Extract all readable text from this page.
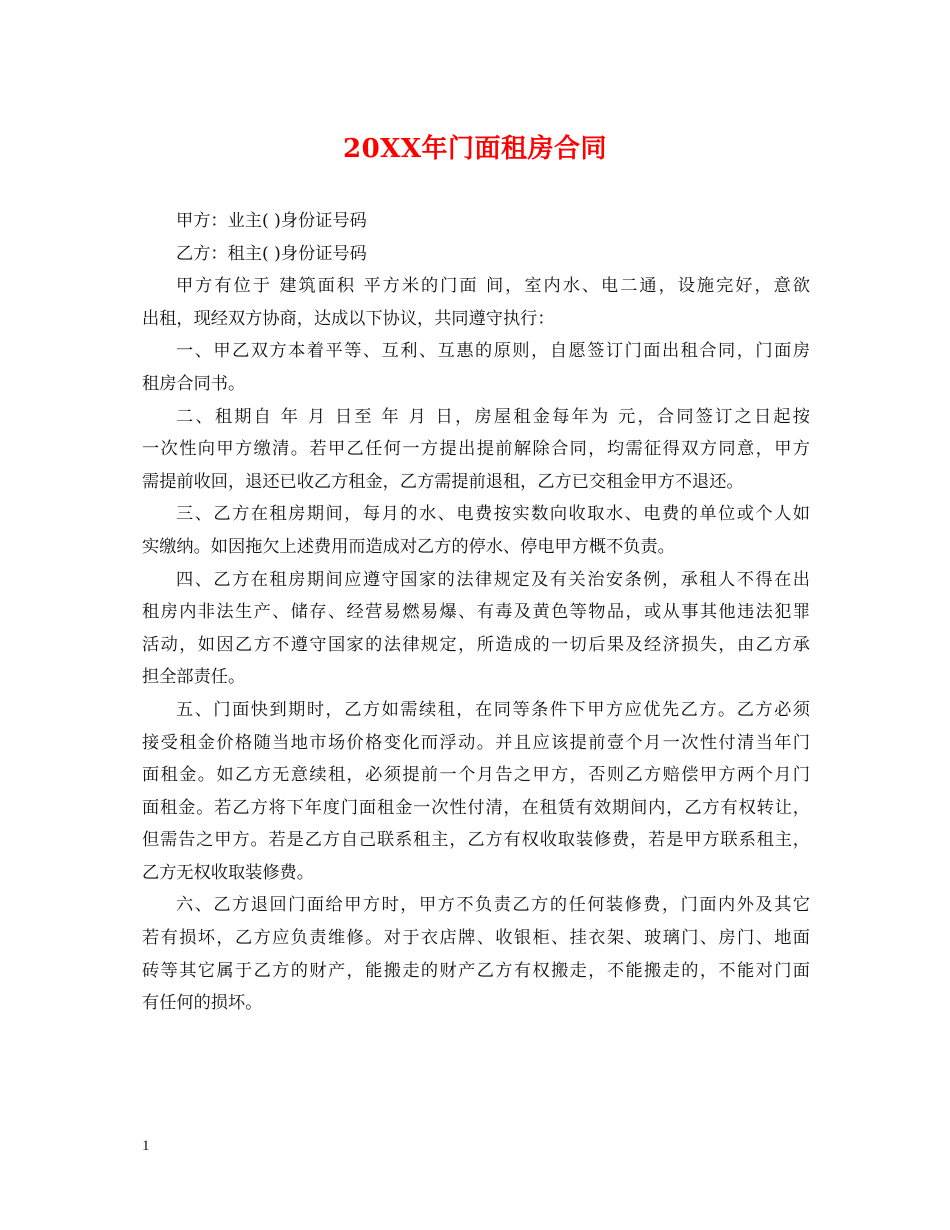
20XX年门面租房合同
甲方：业主( )身份证号码
乙方：租主( )身份证号码
甲方有位于 建筑面积 平方米的门面 间，室内水、电二通，设施完好，意欲
出租，现经双方协商，达成以下协议，共同遵守执行：
一、甲乙双方本着平等、互利、互惠的原则，自愿签订门面出租合同，门面房
租房合同书。
二、租期自 年 月 日至 年 月 日，房屋租金每年为 元，合同签订之日起按
一次性向甲方缴清。若甲乙任何一方提出提前解除合同，均需征得双方同意，甲方
需提前收回，退还已收乙方租金，乙方需提前退租，乙方已交租金甲方不退还。
三、乙方在租房期间，每月的水、电费按实数向收取水、电费的单位或个人如
实缴纳。如因拖欠上述费用而造成对乙方的停水、停电甲方概不负责。
四、乙方在租房期间应遵守国家的法律规定及有关治安条例，承租人不得在出
租房内非法生产、储存、经营易燃易爆、有毒及黄色等物品，或从事其他违法犯罪
活动，如因乙方不遵守国家的法律规定，所造成的一切后果及经济损失，由乙方承
担全部责任。
五、门面快到期时，乙方如需续租，在同等条件下甲方应优先乙方。乙方必须
接受租金价格随当地市场价格变化而浮动。并且应该提前壹个月一次性付清当年门
面租金。如乙方无意续租，必须提前一个月告之甲方，否则乙方赔偿甲方两个月门
面租金。若乙方将下年度门面租金一次性付清，在租赁有效期间内，乙方有权转让，
但需告之甲方。若是乙方自己联系租主，乙方有权收取装修费，若是甲方联系租主，
乙方无权收取装修费。
六、乙方退回门面给甲方时，甲方不负责乙方的任何装修费，门面内外及其它
若有损坏，乙方应负责维修。对于衣店牌、收银柜、挂衣架、玻璃门、房门、地面
砖等其它属于乙方的财产，能搬走的财产乙方有权搬走，不能搬走的，不能对门面
有任何的损坏。
1
